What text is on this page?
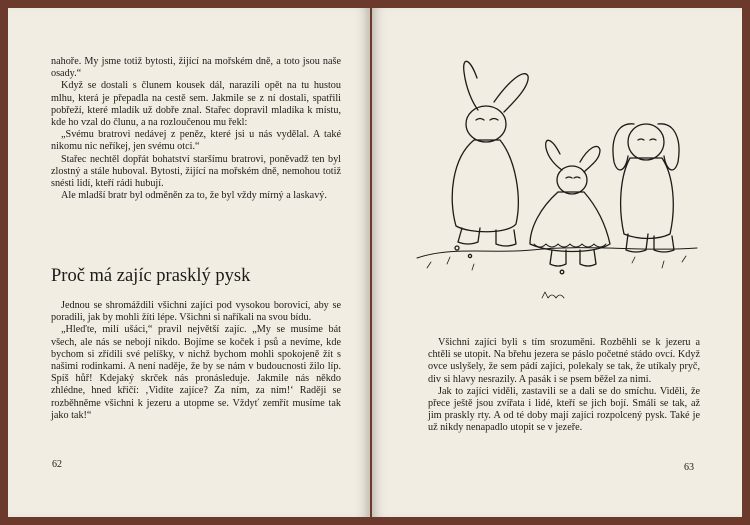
nahoře. My jsme totiž bytosti, žijící na mořském dně, a toto jsou naše osady.“

Když se dostali s člunem kousek dál, narazili opět na tu hustou mlhu, která je přepadla na cestě sem. Jakmile se z ní dostali, spatřili pobřeží, které mladík už dobře znal. Stařec dopravil mladíka k místu, kde ho vzal do člunu, a na rozloučenou mu řekl:

„Svému bratrovi nedávej z peněz, které jsi u nás vydělal. A také nikomu nic neříkej, jen svému otci.“

Stařec nechtěl dopřát bohatství staršímu bratrovi, poněvadž ten byl zlostný a stále huboval. Bytosti, žijící na mořském dně, nemohou totiž snésti lidí, kteří rádi hubují.

Ale mladší bratr byl odměněn za to, že byl vždy mírný a laskavý.

Proč má zajíc prasklý pysk

Jednou se shromáždili všichni zajíci pod vysokou borovicí, aby se poradili, jak by mohli žíti lépe. Všichni si naříkali na svou bídu.

„Hleďte, milí ušáci,“ pravil největší zajíc. „My se musíme bát všech, ale nás se nebojí nikdo. Bojíme se koček i psů a nevíme, kde bychom si zřídili své pelíšky, v nichž bychom mohli spokojeně žít s našimi rodinkami. A není naděje, že by se nám v budoucnosti žilo líp. Spíš hůř! Kdejaký skrček nás pronásleduje. Jakmile nás někdo zhlédne, hned křičí: ‚Vidíte zajíce? Za ním, za ním!‘ Raději se rozběhněme všichni k jezeru a utopme se. Vždyť zemřít musíme tak jako tak!“

62

Všichni zajíci byli s tím srozuměni. Rozběhli se k jezeru a chtěli se utopit. Na břehu jezera se páslo početné stádo ovcí. Když ovce uslyšely, že sem pádí zajíci, polekaly se tak, že utíkaly pryč, div si hlavy nesrazily. A pasák i se psem běžel za nimi.

Jak to zajíci viděli, zastavili se a dali se do smíchu. Viděli, že přece ještě jsou zvířata i lidé, kteří se jich bojí. Smáli se tak, až jim praskly rty. A od té doby mají zajíci rozpolcený pysk. Také je už nikdy nenapadlo utopit se v jezeře.

63
